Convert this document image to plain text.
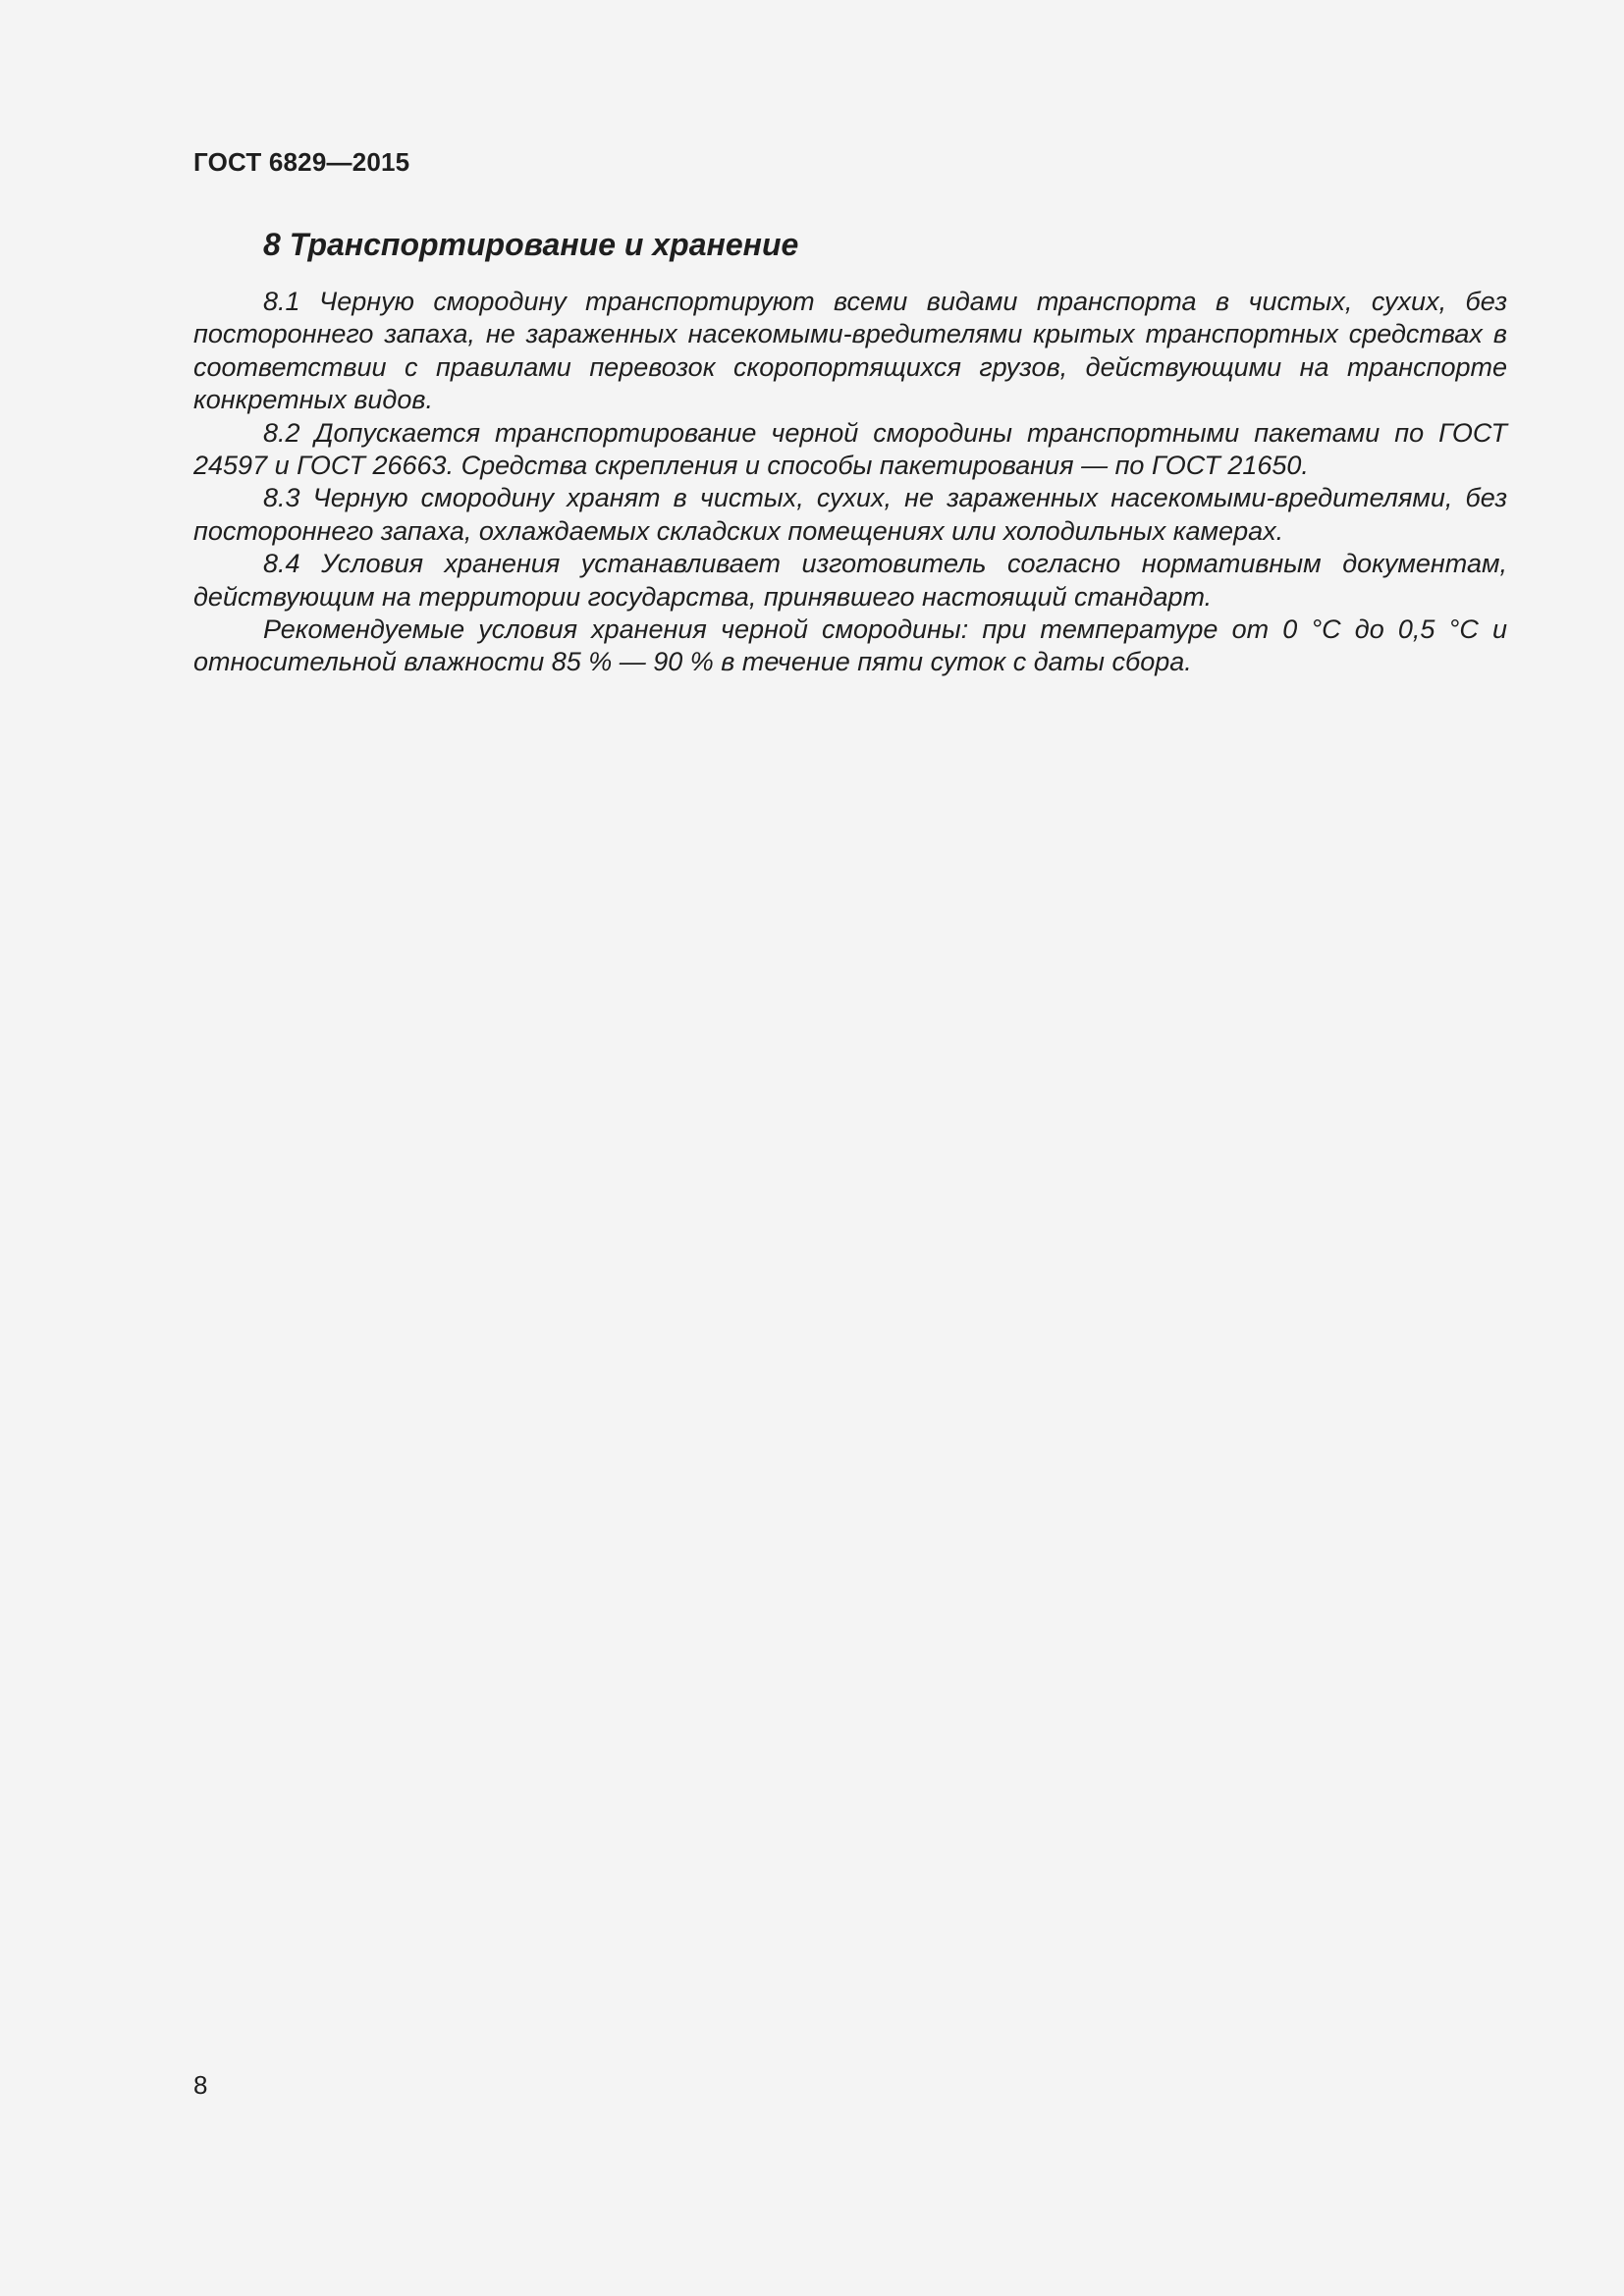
ГОСТ 6829—2015

8 Транспортирование и хранение

8.1 Черную смородину транспортируют всеми видами транспорта в чистых, сухих, без постороннего запаха, не зараженных насекомыми-вредителями крытых транспортных средствах в соответствии с правилами перевозок скоропортящихся грузов, действующими на транспорте конкретных видов.

8.2 Допускается транспортирование черной смородины транспортными пакетами по ГОСТ 24597 и ГОСТ 26663. Средства скрепления и способы пакетирования — по ГОСТ 21650.

8.3 Черную смородину хранят в чистых, сухих, не зараженных насекомыми-вредителями, без постороннего запаха, охлаждаемых складских помещениях или холодильных камерах.

8.4 Условия хранения устанавливает изготовитель согласно нормативным документам, действующим на территории государства, принявшего настоящий стандарт.

Рекомендуемые условия хранения черной смородины: при температуре от 0 °С до 0,5 °С и относительной влажности 85 % — 90 % в течение пяти суток с даты сбора.

8
